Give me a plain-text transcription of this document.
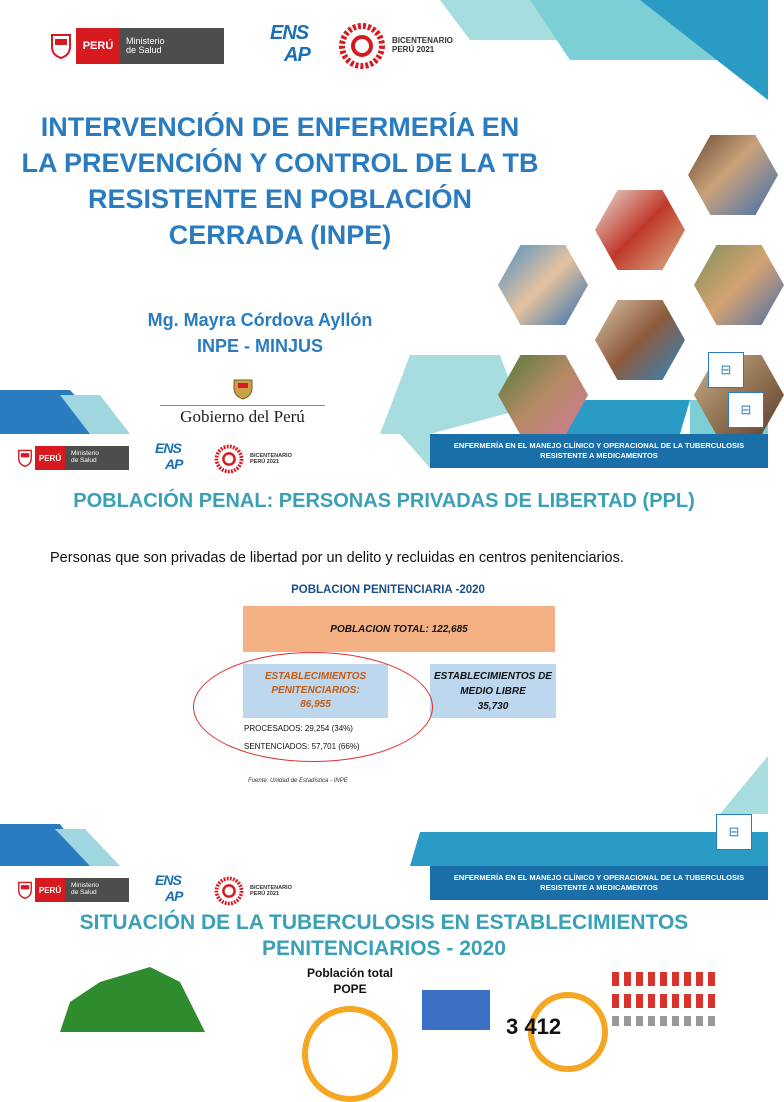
PERÚ	Ministerio
de Salud
ENS
AP
BICENTENARIO
PERÚ 2021
INTERVENCIÓN DE ENFERMERÍA EN LA PREVENCIÓN Y CONTROL DE LA TB RESISTENTE EN POBLACIÓN CERRADA (INPE)
Mg. Mayra Córdova Ayllón
INPE - MINJUS
Gobierno del Perú
⊟
⊟
PERÚ	Ministerio
de Salud
ENS
AP
BICENTENARIO
PERÚ 2021
ENFERMERÍA EN EL MANEJO CLÍNICO Y OPERACIONAL DE LA TUBERCULOSIS
RESISTENTE A MEDICAMENTOS
POBLACIÓN PENAL: PERSONAS PRIVADAS DE LIBERTAD (PPL)

Personas que son privadas de libertad por un delito y recluidas en centros penitenciarios.

POBLACION PENITENCIARIA -2020
POBLACION TOTAL: 122,685
ESTABLECIMIENTOS
PENITENCIARIOS:
86,955
ESTABLECIMIENTOS DE
MEDIO LIBRE
35,730
PROCESADOS: 29,254 (34%)
SENTENCIADOS: 57,701 (66%)
Fuente: Unidad de Estadística - INPE
⊟
PERÚ	Ministerio
de Salud
ENS
AP
BICENTENARIO
PERÚ 2021
ENFERMERÍA EN EL MANEJO CLÍNICO Y OPERACIONAL DE LA TUBERCULOSIS
RESISTENTE A MEDICAMENTOS
SITUACIÓN DE LA TUBERCULOSIS EN ESTABLECIMIENTOS
PENITENCIARIOS - 2020
Población total
POPE
3 412
